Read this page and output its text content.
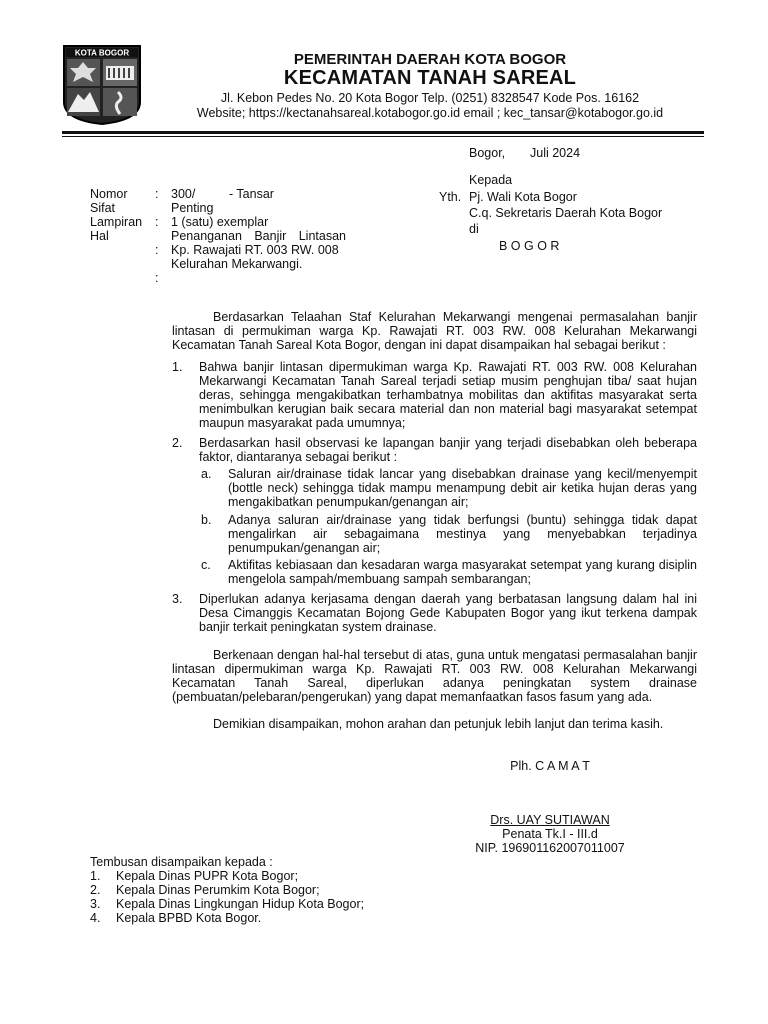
KOTA BOGOR	PEMERINTAH DAERAH KOTA BOGOR
KECAMATAN TANAH SAREAL
Jl. Kebon Pedes No. 20 Kota Bogor Telp. (0251) 8328547 Kode Pos. 16162
Website; https://kectanahsareal.kotabogor.go.id email ; kec_tansar@kotabogor.go.id
Bogor, Juli 2024
Nomor : 300/	- Tansar
Sifat	Penting
Lampiran : 1 (satu) exemplar
Hal	Penanganan Banjir Lintasan
: Kp. Rawajati RT. 003 RW. 008
Kelurahan Mekarwangi.
:
Kepada
Yth. Pj. Wali Kota Bogor
C.q. Sekretaris Daerah Kota Bogor
di
B O G O R
Berdasarkan Telaahan Staf Kelurahan Mekarwangi mengenai permasalahan banjir
lintasan di permukiman warga Kp. Rawajati RT. 003 RW. 008 Kelurahan Mekarwangi
Kecamatan Tanah Sareal Kota Bogor, dengan ini dapat disampaikan hal sebagai berikut :
1. Bahwa banjir lintasan dipermukiman warga Kp. Rawajati RT. 003 RW. 008 Kelurahan
Mekarwangi Kecamatan Tanah Sareal terjadi setiap musim penghujan tiba/ saat hujan
deras, sehingga mengakibatkan terhambatnya mobilitas dan aktifitas masyarakat serta
menimbulkan kerugian baik secara material dan non material bagi masyarakat setempat
maupun masyarakat pada umumnya;
2. Berdasarkan hasil observasi ke lapangan banjir yang terjadi disebabkan oleh beberapa
faktor, diantaranya sebagai berikut :
a. Saluran air/drainase tidak lancar yang disebabkan drainase yang kecil/menyempit
(bottle neck) sehingga tidak mampu menampung debit air ketika hujan deras yang
mengakibatkan penumpukan/genangan air;
b. Adanya saluran air/drainase yang tidak berfungsi (buntu) sehingga tidak dapat
mengalirkan air sebagaimana mestinya yang menyebabkan terjadinya
penumpukan/genangan air;
c. Aktifitas kebiasaan dan kesadaran warga masyarakat setempat yang kurang disiplin
mengelola sampah/membuang sampah sembarangan;
3. Diperlukan adanya kerjasama dengan daerah yang berbatasan langsung dalam hal ini
Desa Cimanggis Kecamatan Bojong Gede Kabupaten Bogor yang ikut terkena dampak
banjir terkait peningkatan system drainase.
Berkenaan dengan hal-hal tersebut di atas, guna untuk mengatasi permasalahan banjir
lintasan dipermukiman warga Kp. Rawajati RT. 003 RW. 008 Kelurahan Mekarwangi
Kecamatan Tanah Sareal, diperlukan adanya peningkatan system drainase
(pembuatan/pelebaran/pengerukan) yang dapat memanfaatkan fasos fasum yang ada.
Demikian disampaikan, mohon arahan dan petunjuk lebih lanjut dan terima kasih.
Plh. C A M A T
Drs. UAY SUTIAWAN
Penata Tk.I - III.d
NIP. 196901162007011007
Tembusan disampaikan kepada :
1. Kepala Dinas PUPR Kota Bogor;
2. Kepala Dinas Perumkim Kota Bogor;
3. Kepala Dinas Lingkungan Hidup Kota Bogor;
4. Kepala BPBD Kota Bogor.
